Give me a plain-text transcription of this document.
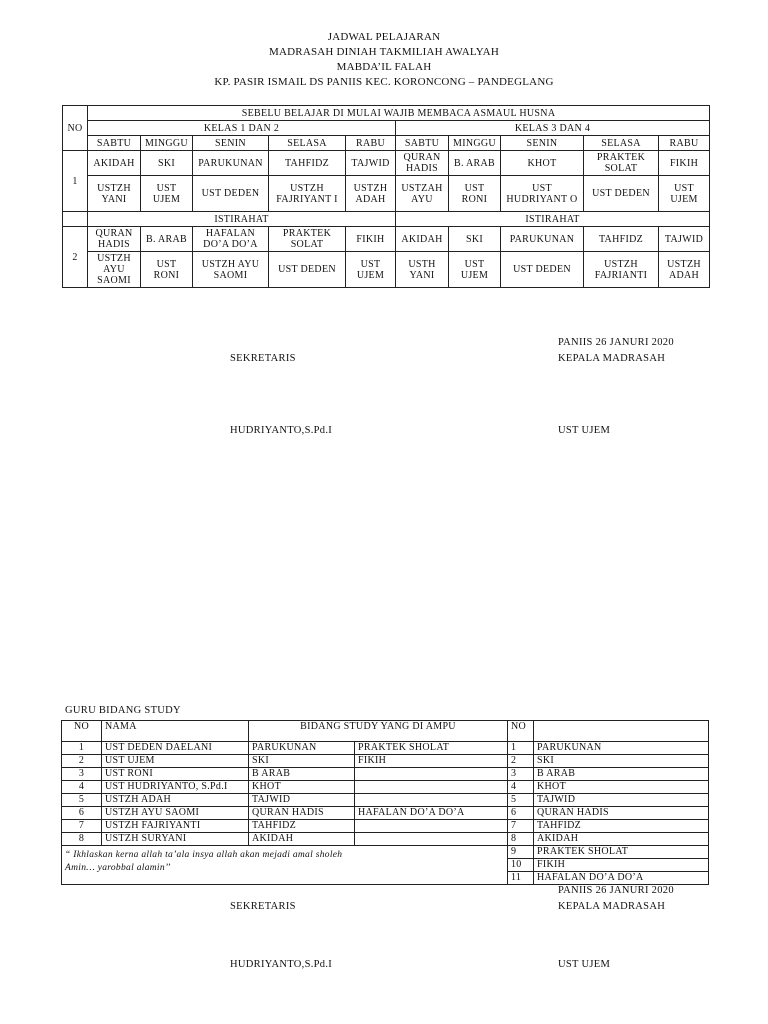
JADWAL PELAJARAN
MADRASAH DINIAH TAKMILIAH AWALYAH
MABDA’IL FALAH
KP. PASIR ISMAIL DS PANIIS KEC. KORONCONG – PANDEGLANG
NO	SEBELU BELAJAR DI MULAI WAJIB MEMBACA ASMAUL HUSNA									
	KELAS 1 DAN 2					KELAS 3 DAN 4				
	SABTU	MINGGU	SENIN	SELASA	RABU	SABTU	MINGGU	SENIN	SELASA	RABU
1	AKIDAH	SKI	PARUKUNAN	TAHFIDZ	TAJWID	QURAN HADIS	B. ARAB	KHOT	PRAKTEK SOLAT	FIKIH
	USTZH YANI	UST UJEM	UST DEDEN	USTZH FAJRIYANT I	USTZH ADAH	USTZAH AYU	UST RONI	UST HUDRIYANT O	UST DEDEN	UST UJEM
	ISTIRAHAT					ISTIRAHAT				
2	QURAN HADIS	B. ARAB	HAFALAN DO’A DO’A	PRAKTEK SOLAT	FIKIH	AKIDAH	SKI	PARUKUNAN	TAHFIDZ	TAJWID
	USTZH AYU SAOMI	UST RONI	USTZH AYU SAOMI	UST DEDEN	UST UJEM	USTH YANI	UST UJEM	UST DEDEN	USTZH FAJRIANTI	USTZH ADAH
PANIIS 26 JANURI 2020
SEKRETARIS	KEPALA MADRASAH
HUDRIYANTO,S.Pd.I	UST UJEM
GURU BIDANG STUDY
NO	NAMA	BIDANG STUDY YANG DI AMPU		NO	
1	UST DEDEN DAELANI	PARUKUNAN	PRAKTEK SHOLAT	1	PARUKUNAN
2	UST UJEM	SKI	FIKIH	2	SKI
3	UST RONI	B ARAB		3	B ARAB
4	UST HUDRIYANTO, S.Pd.I	KHOT		4	KHOT
5	USTZH ADAH	TAJWID		5	TAJWID
6	USTZH AYU SAOMI	QURAN HADIS	HAFALAN DO’A DO’A	6	QURAN HADIS
7	USTZH FAJRIYANTI	TAHFIDZ		7	TAHFIDZ
8	USTZH SURYANI	AKIDAH		8	AKIDAH

“ Ikhlaskan kerna allah ta’ala insya allah akan mejadi amal sholeh
Amin… yarobbal alamin’’				9	PRAKTEK SHOLAT
				10	FIKIH
				11	HAFALAN DO’A DO’A
PANIIS 26 JANURI 2020
SEKRETARIS	KEPALA MADRASAH
HUDRIYANTO,S.Pd.I	UST UJEM
